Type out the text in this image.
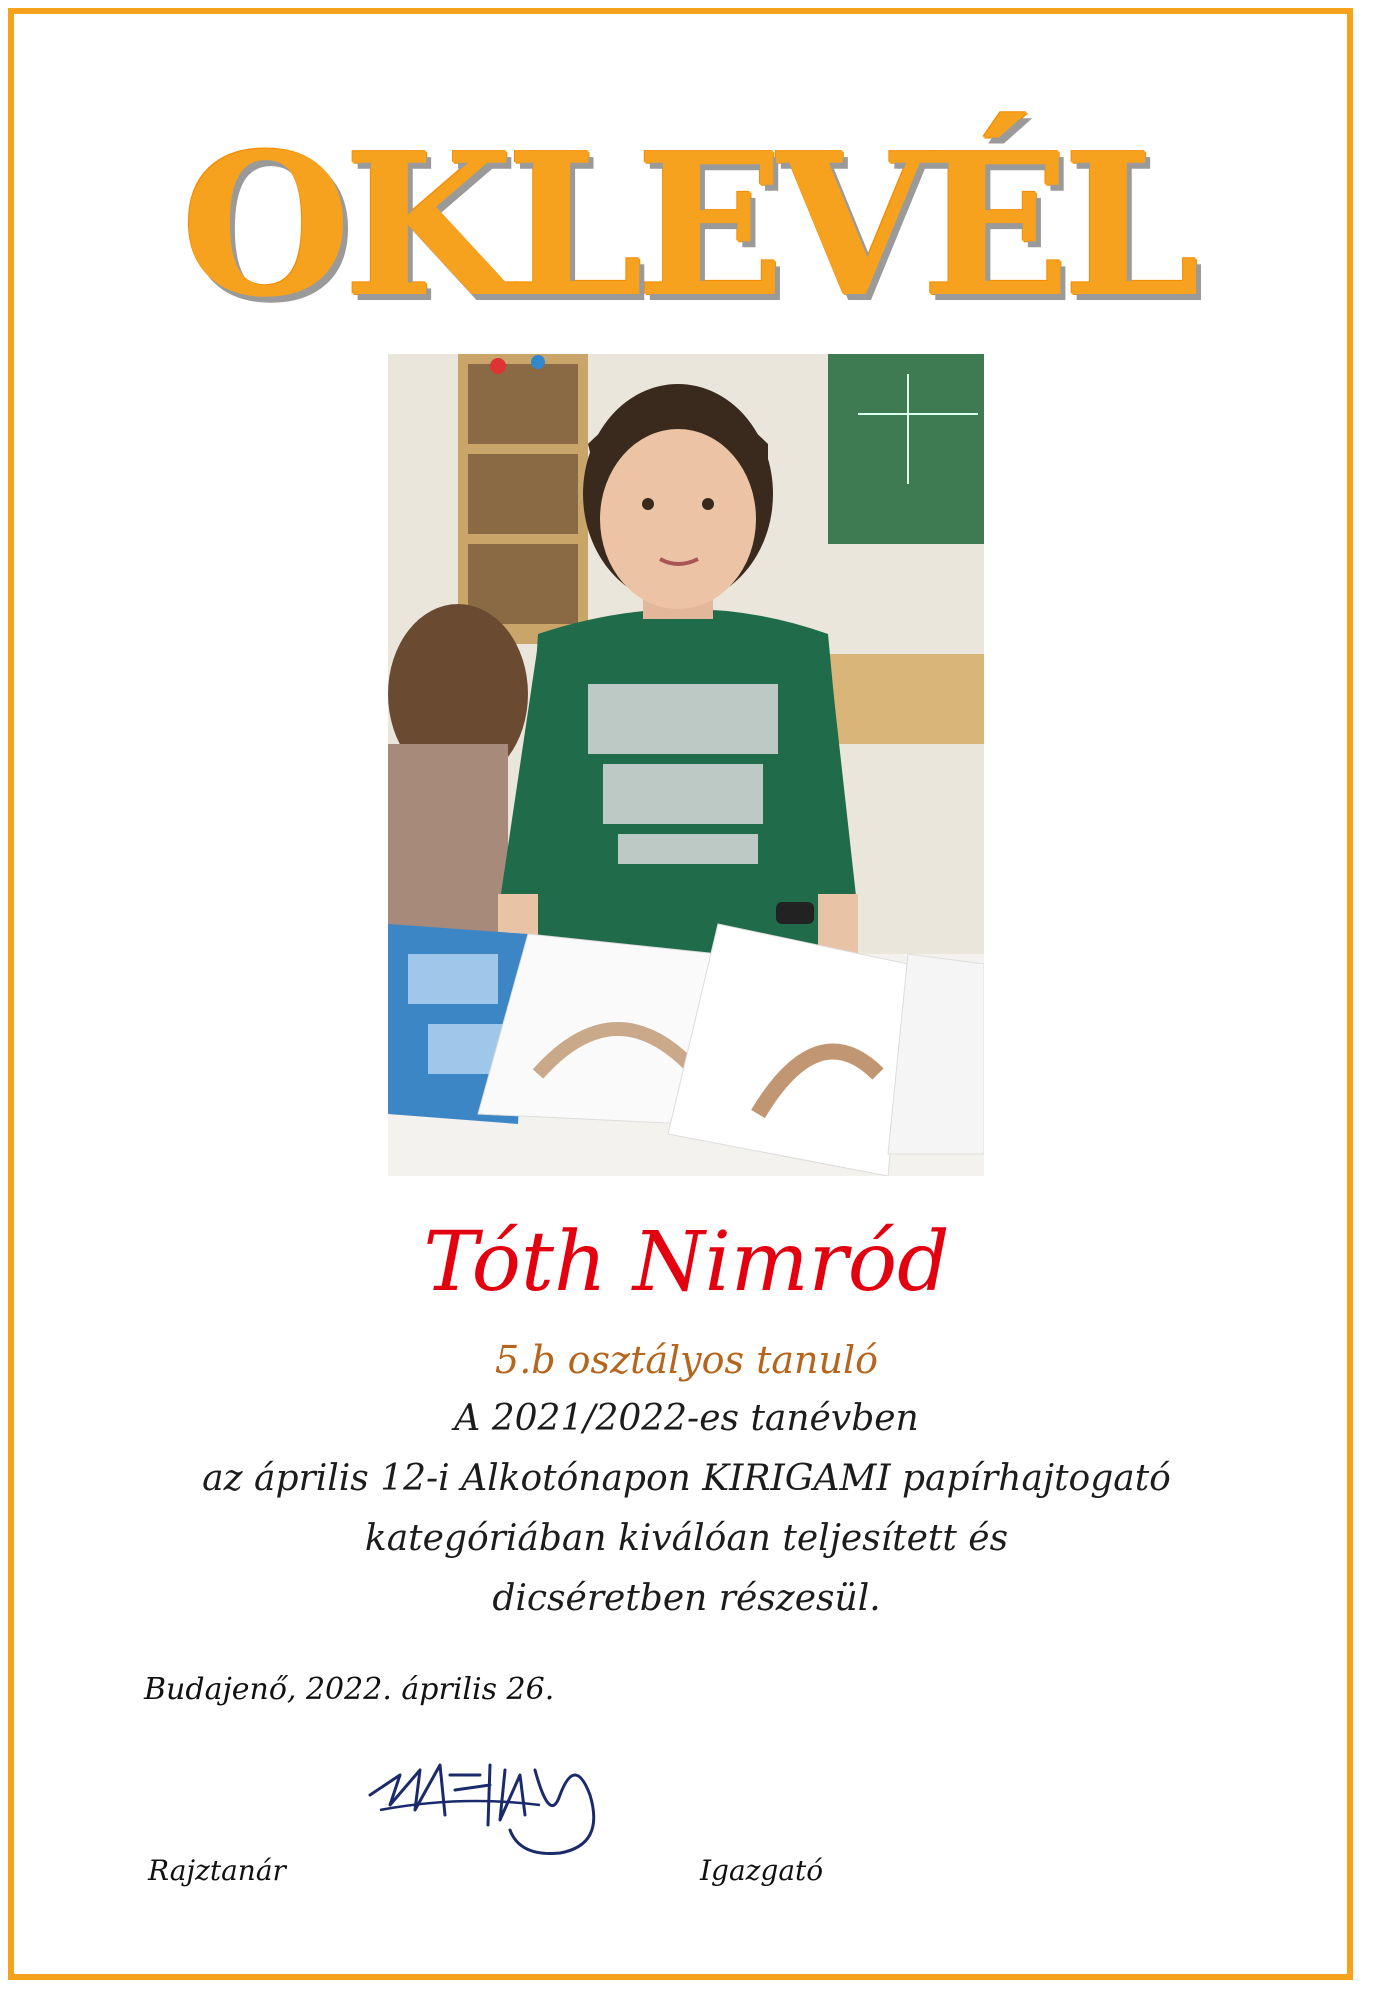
OKLEVÉL
Tóth Nimród
5.b osztályos tanuló
A 2021/2022-es tanévben
az április 12-i Alkotónapon KIRIGAMI papírhajtogató
kategóriában kiválóan teljesített és
dicséretben részesül.
Budajenő, 2022. április 26.
Rajztanár	Igazgató
